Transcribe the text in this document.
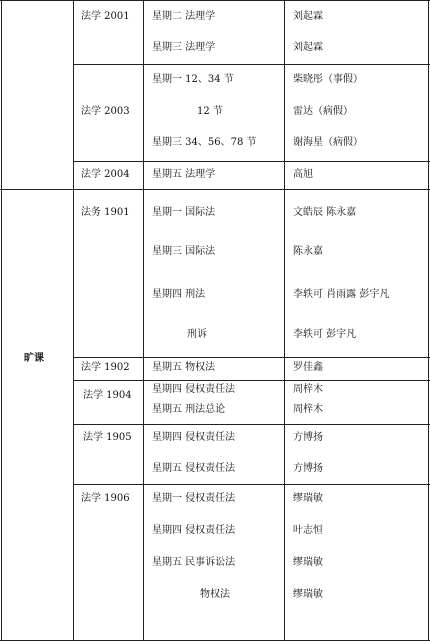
旷课
法学 2001 星期二 法理学	刘起霖
星期三 法理学	刘起霖
法学 2003
星期一 12、34 节	柴晓彤（事假）
12 节	雷达（病假）
星期三 34、56、78 节	谢海星（病假）
法学 2004 星期五 法理学	高旭
法务 1901 星期一 国际法	文皓辰 陈永嘉
星期三 国际法	陈永嘉
星期四 刑法	李轶可 肖雨露 彭宇凡
刑诉	李轶可 彭宇凡
法学 1902 星期五 物权法	罗佳鑫
法学 1904
星期四 侵权责任法	周梓木
星期五 刑法总论	周梓木
法学 1905 星期四 侵权责任法	方博扬
星期五 侵权责任法	方博扬
法学 1906 星期一 侵权责任法	缪瑞敏
星期四 侵权责任法	叶志恒
星期五 民事诉讼法	缪瑞敏
物权法	缪瑞敏
